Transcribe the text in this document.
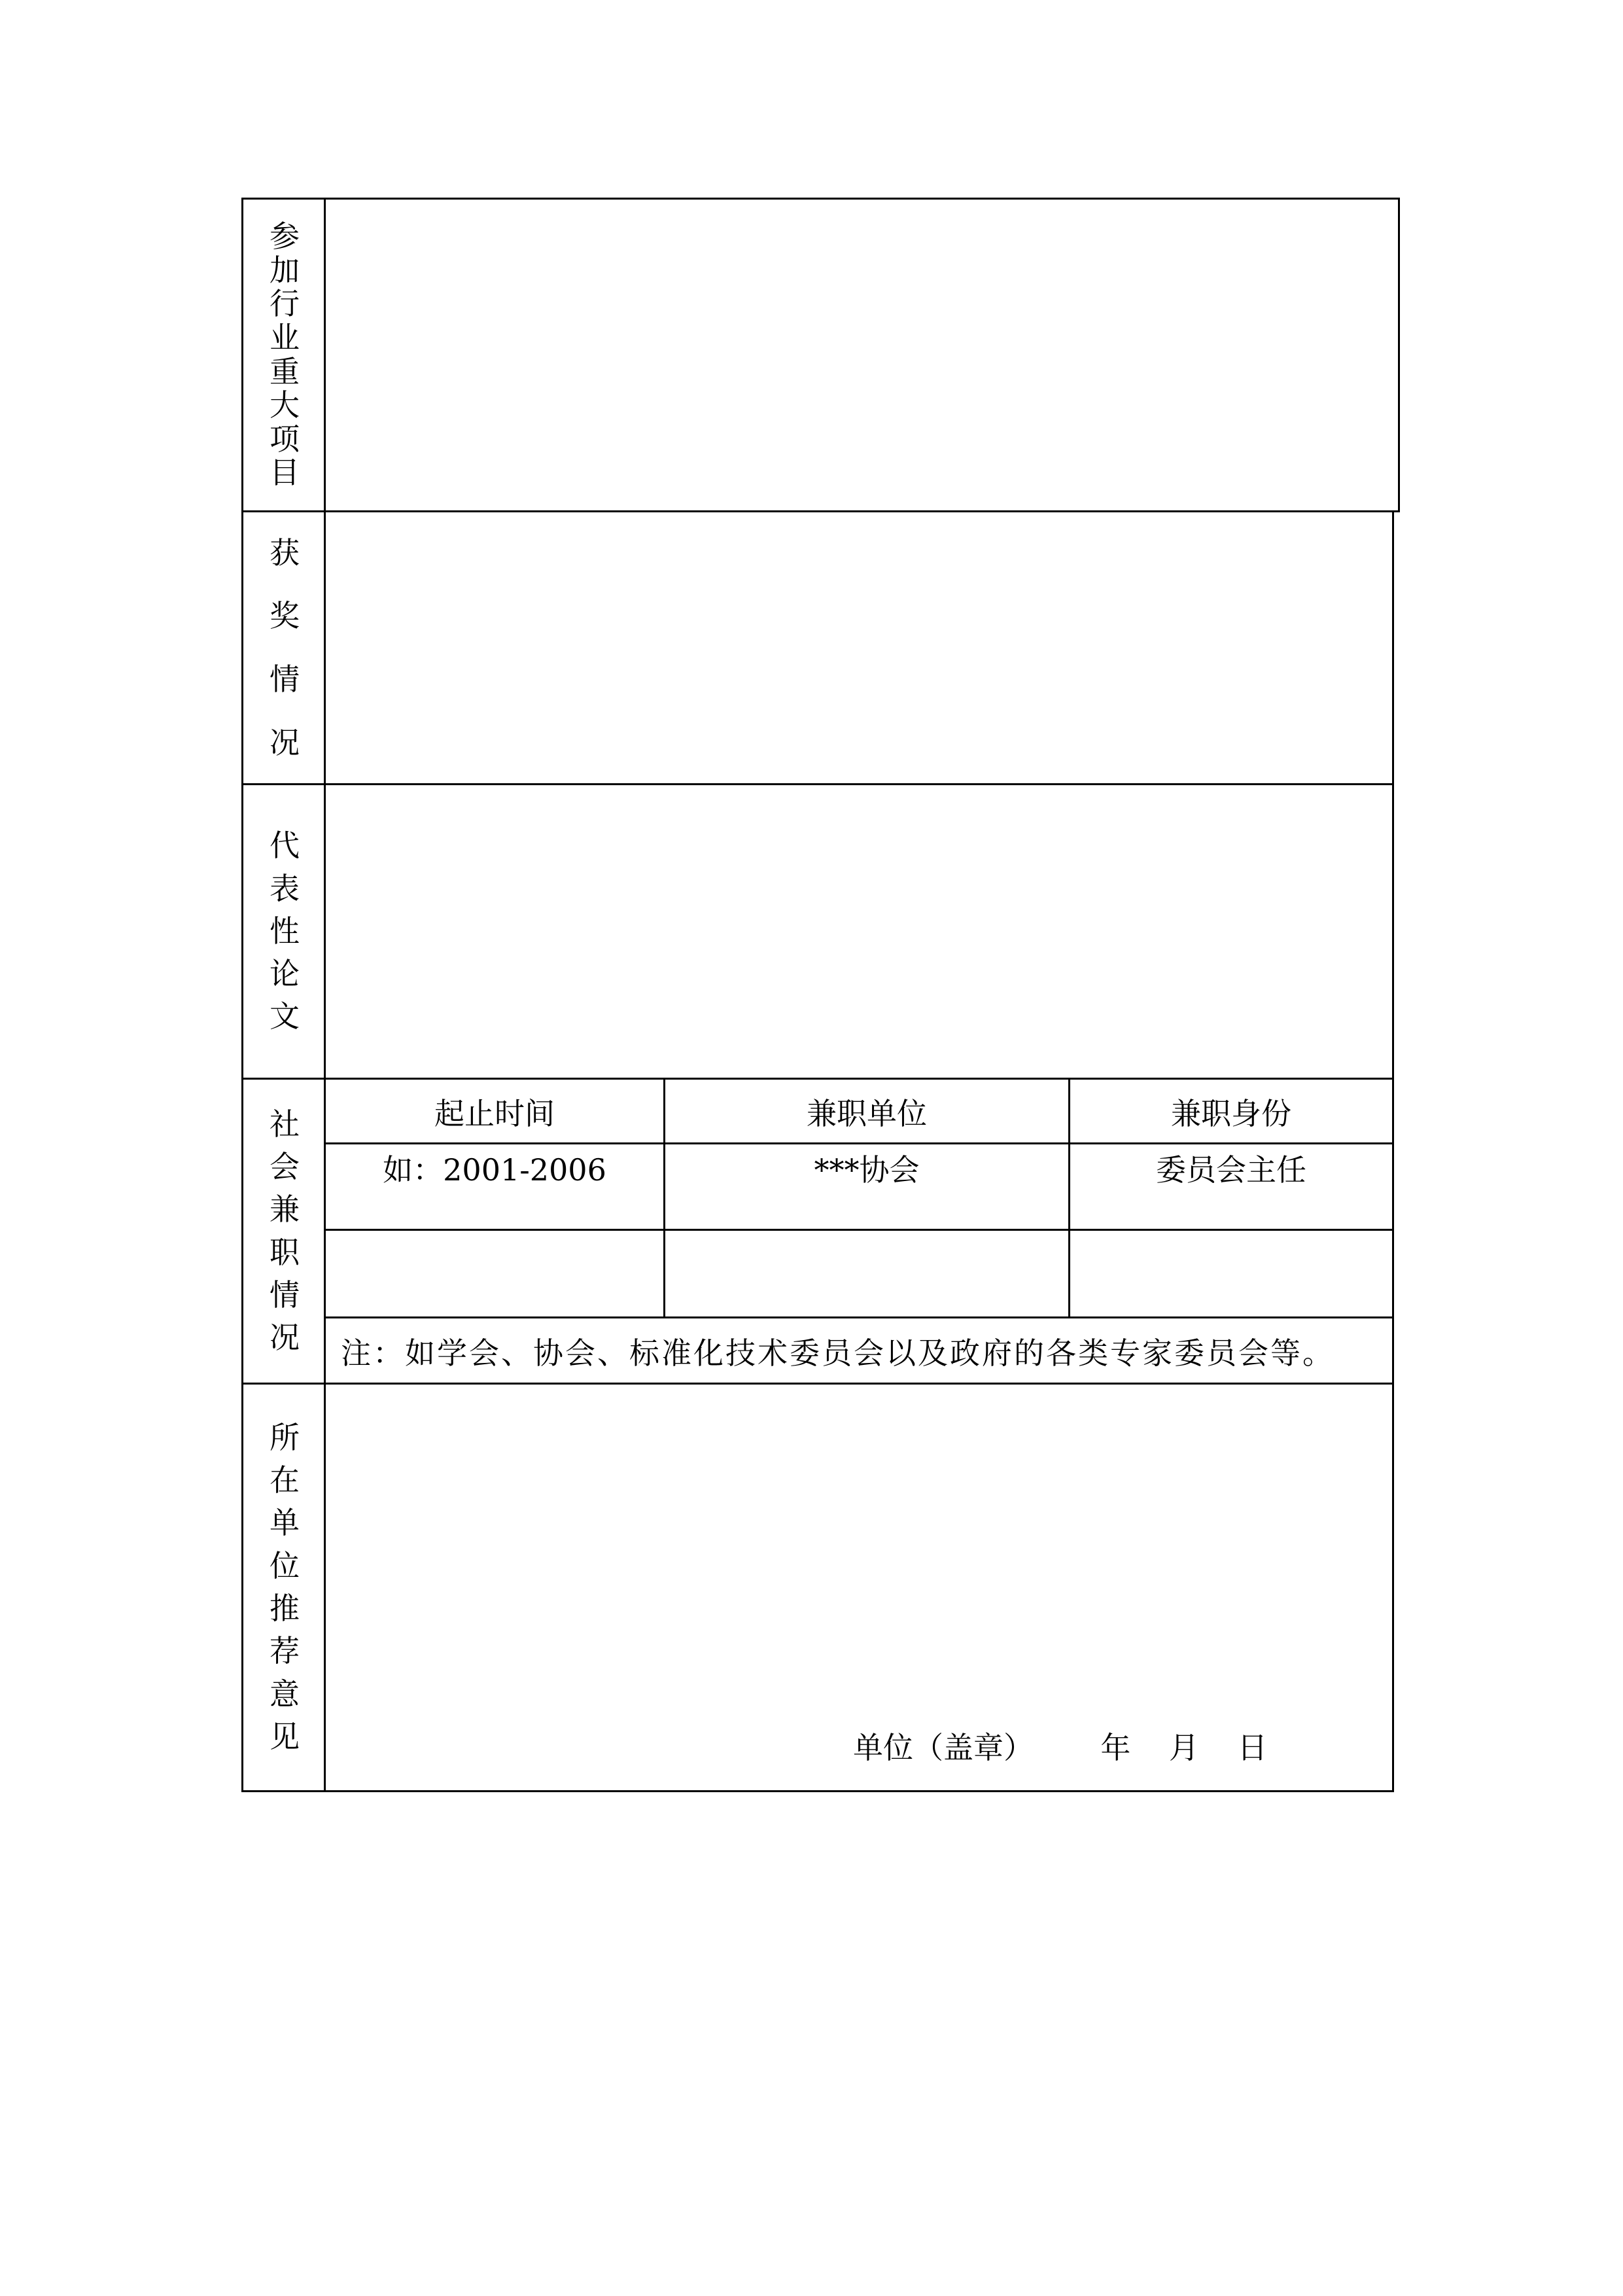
参加行业重大项目
获奖情况
代表性论文
社会兼职情况
所在单位推荐意见
起止时间	兼职单位	兼职身份
如：2001-2006	***协会	委员会主任
注：如学会、协会、标准化技术委员会以及政府的各类专家委员会等。
单位（盖章）       年    月    日
